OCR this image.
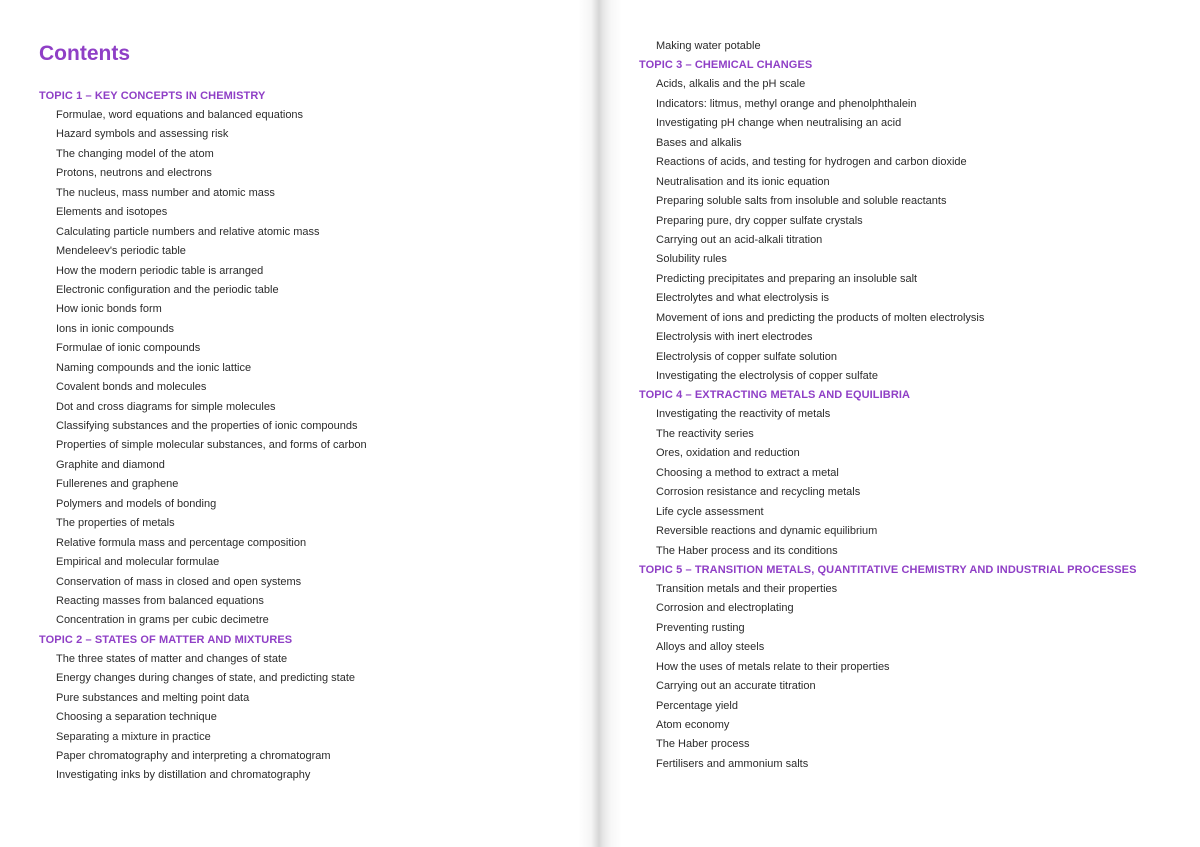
Contents
TOPIC 1 – KEY CONCEPTS IN CHEMISTRY
Formulae, word equations and balanced equations
Hazard symbols and assessing risk
The changing model of the atom
Protons, neutrons and electrons
The nucleus, mass number and atomic mass
Elements and isotopes
Calculating particle numbers and relative atomic mass
Mendeleev's periodic table
How the modern periodic table is arranged
Electronic configuration and the periodic table
How ionic bonds form
Ions in ionic compounds
Formulae of ionic compounds
Naming compounds and the ionic lattice
Covalent bonds and molecules
Dot and cross diagrams for simple molecules
Classifying substances and the properties of ionic compounds
Properties of simple molecular substances, and forms of carbon
Graphite and diamond
Fullerenes and graphene
Polymers and models of bonding
The properties of metals
Relative formula mass and percentage composition
Empirical and molecular formulae
Conservation of mass in closed and open systems
Reacting masses from balanced equations
Concentration in grams per cubic decimetre
TOPIC 2 – STATES OF MATTER AND MIXTURES
The three states of matter and changes of state
Energy changes during changes of state, and predicting state
Pure substances and melting point data
Choosing a separation technique
Separating a mixture in practice
Paper chromatography and interpreting a chromatogram
Investigating inks by distillation and chromatography
Making water potable
TOPIC 3 – CHEMICAL CHANGES
Acids, alkalis and the pH scale
Indicators: litmus, methyl orange and phenolphthalein
Investigating pH change when neutralising an acid
Bases and alkalis
Reactions of acids, and testing for hydrogen and carbon dioxide
Neutralisation and its ionic equation
Preparing soluble salts from insoluble and soluble reactants
Preparing pure, dry copper sulfate crystals
Carrying out an acid-alkali titration
Solubility rules
Predicting precipitates and preparing an insoluble salt
Electrolytes and what electrolysis is
Movement of ions and predicting the products of molten electrolysis
Electrolysis with inert electrodes
Electrolysis of copper sulfate solution
Investigating the electrolysis of copper sulfate
TOPIC 4 – EXTRACTING METALS AND EQUILIBRIA
Investigating the reactivity of metals
The reactivity series
Ores, oxidation and reduction
Choosing a method to extract a metal
Corrosion resistance and recycling metals
Life cycle assessment
Reversible reactions and dynamic equilibrium
The Haber process and its conditions
TOPIC 5 – TRANSITION METALS, QUANTITATIVE CHEMISTRY AND INDUSTRIAL PROCESSES
Transition metals and their properties
Corrosion and electroplating
Preventing rusting
Alloys and alloy steels
How the uses of metals relate to their properties
Carrying out an accurate titration
Percentage yield
Atom economy
The Haber process
Fertilisers and ammonium salts
